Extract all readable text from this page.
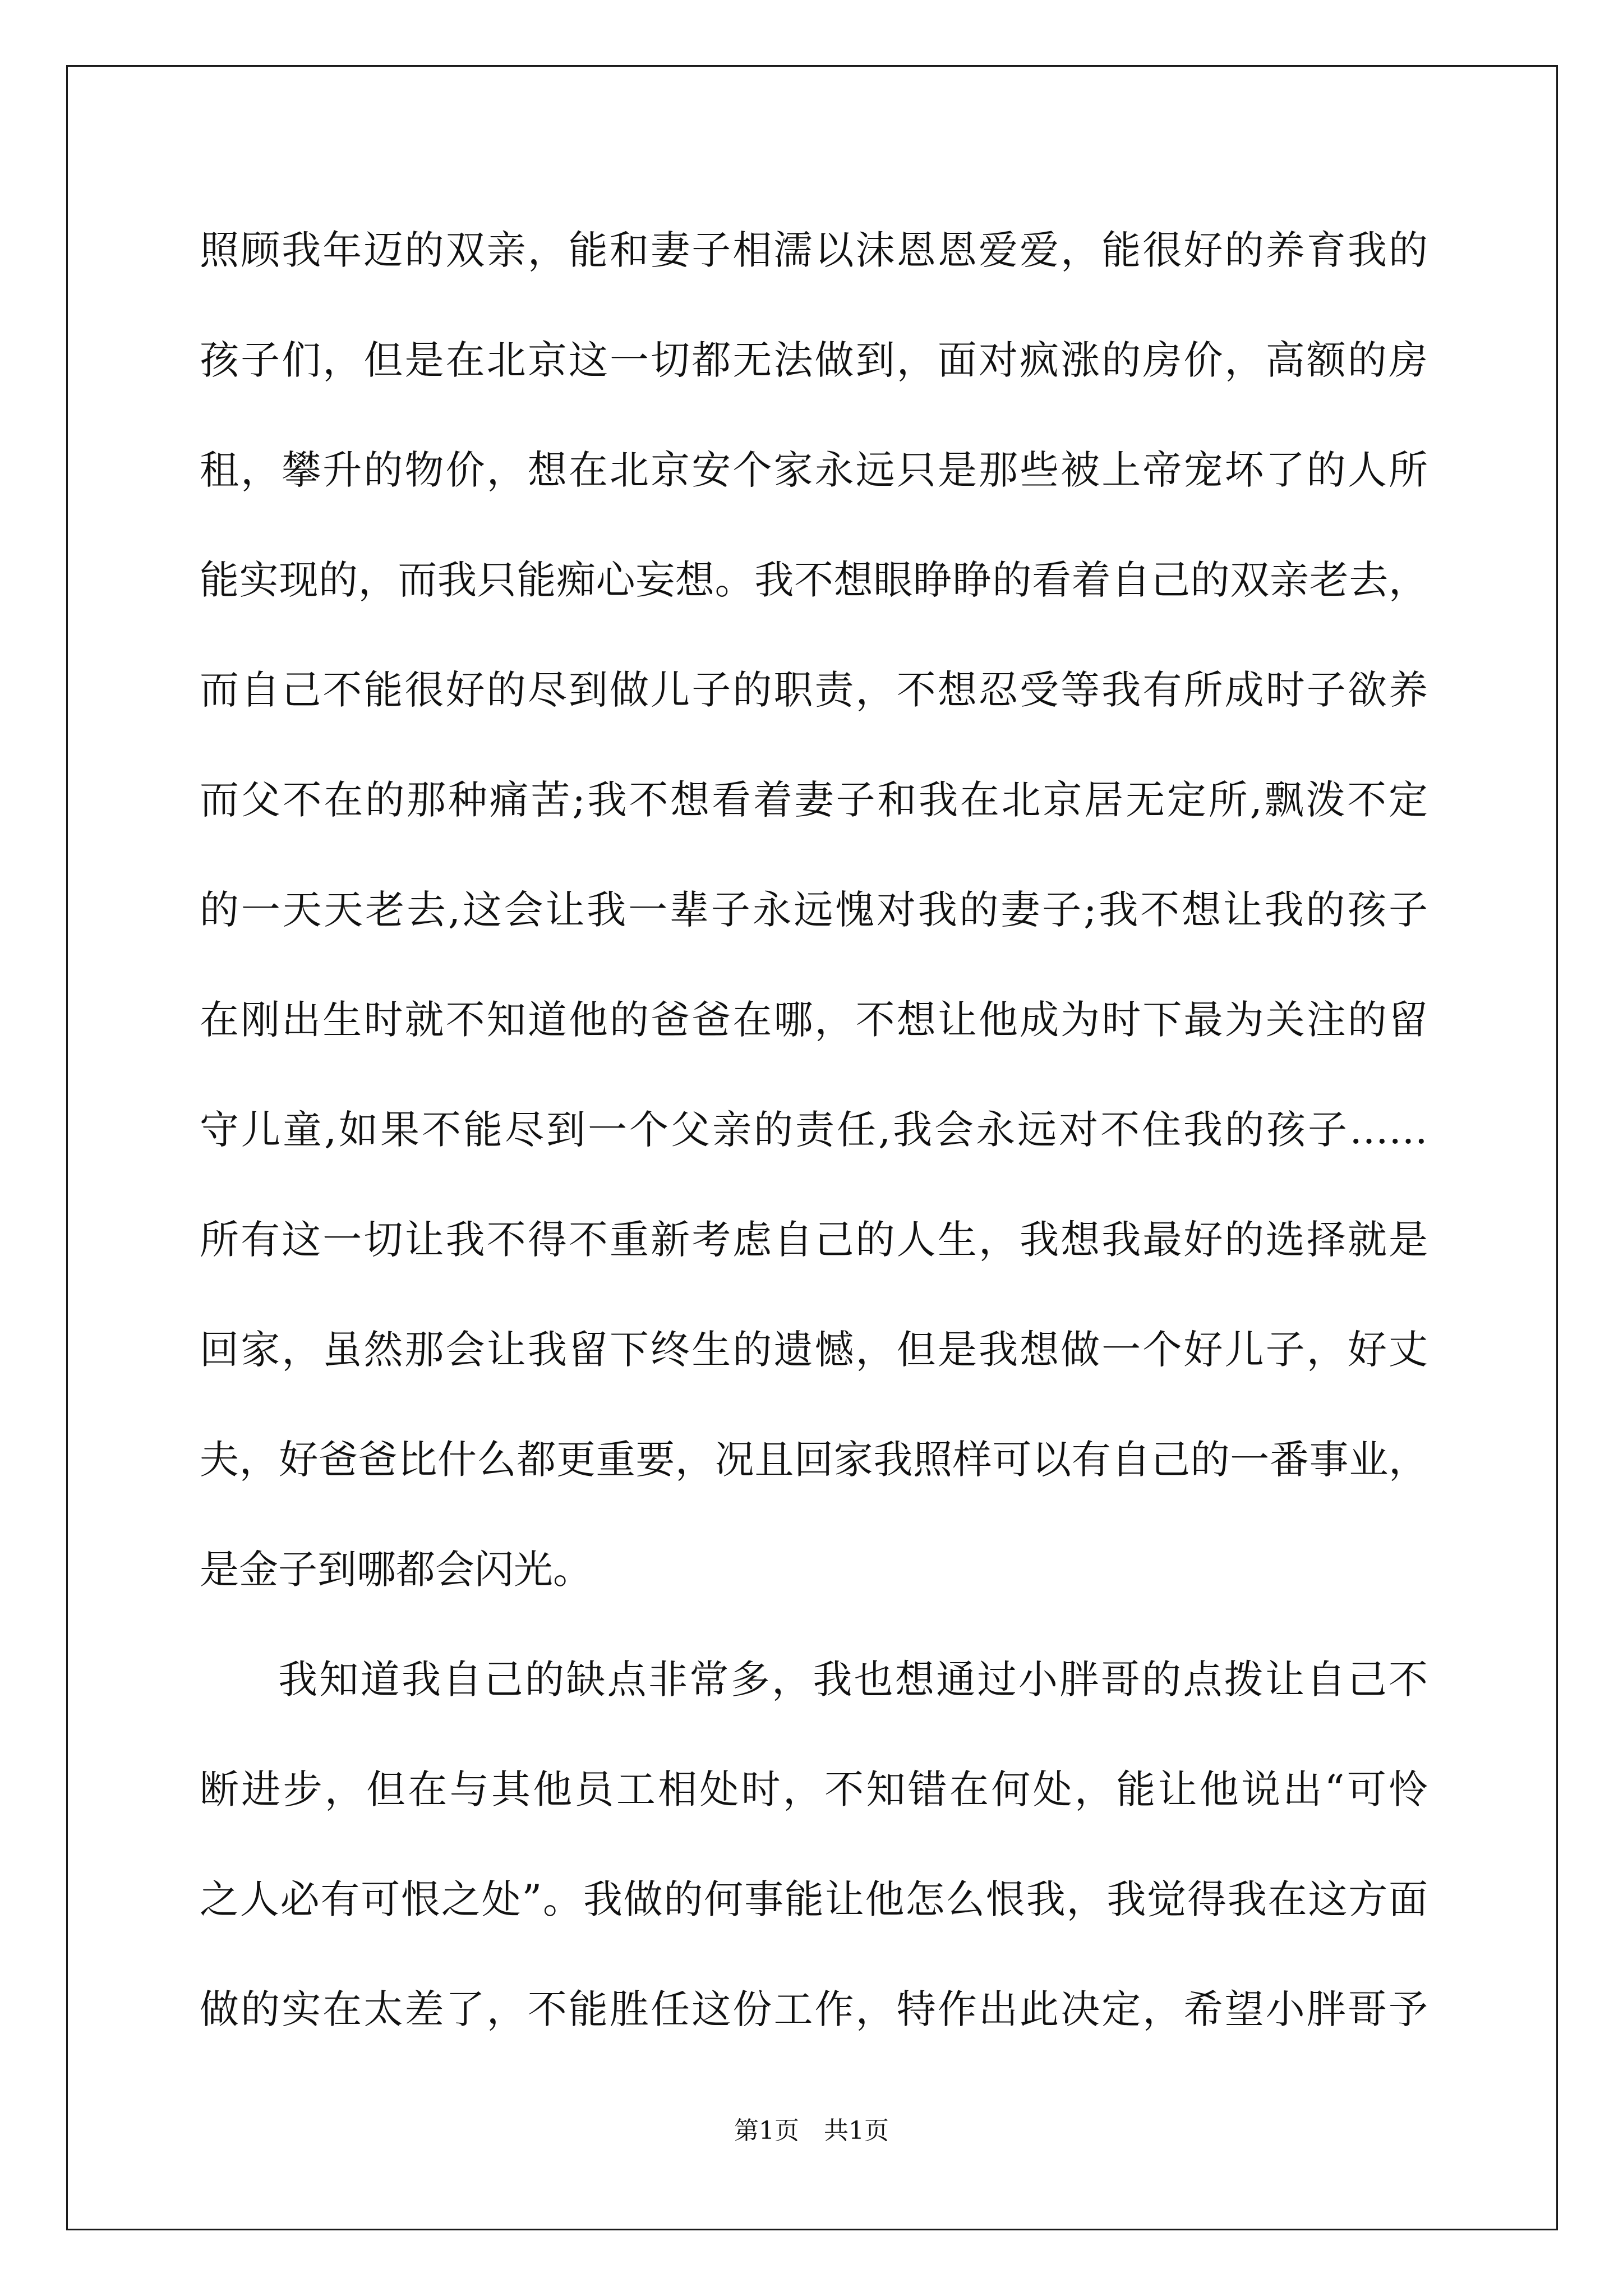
照顾我年迈的双亲，能和妻子相濡以沫恩恩爱爱，能很好的养育我的
孩子们，但是在北京这一切都无法做到，面对疯涨的房价，高额的房
租，攀升的物价，想在北京安个家永远只是那些被上帝宠坏了的人所
能实现的，而我只能痴心妄想。我不想眼睁睁的看着自己的双亲老去，
而自己不能很好的尽到做儿子的职责，不想忍受等我有所成时子欲养
而父不在的那种痛苦;我不想看着妻子和我在北京居无定所,飘泼不定
的一天天老去,这会让我一辈子永远愧对我的妻子;我不想让我的孩子
在刚出生时就不知道他的爸爸在哪，不想让他成为时下最为关注的留
守儿童,如果不能尽到一个父亲的责任,我会永远对不住我的孩子……
所有这一切让我不得不重新考虑自己的人生，我想我最好的选择就是
回家，虽然那会让我留下终生的遗憾，但是我想做一个好儿子，好丈
夫，好爸爸比什么都更重要，况且回家我照样可以有自己的一番事业，
是金子到哪都会闪光。
我知道我自己的缺点非常多，我也想通过小胖哥的点拨让自己不
断进步，但在与其他员工相处时，不知错在何处，能让他说出“可怜
之人必有可恨之处”。我做的何事能让他怎么恨我，我觉得我在这方面
做的实在太差了，不能胜任这份工作，特作出此决定，希望小胖哥予
第1页　共1页
